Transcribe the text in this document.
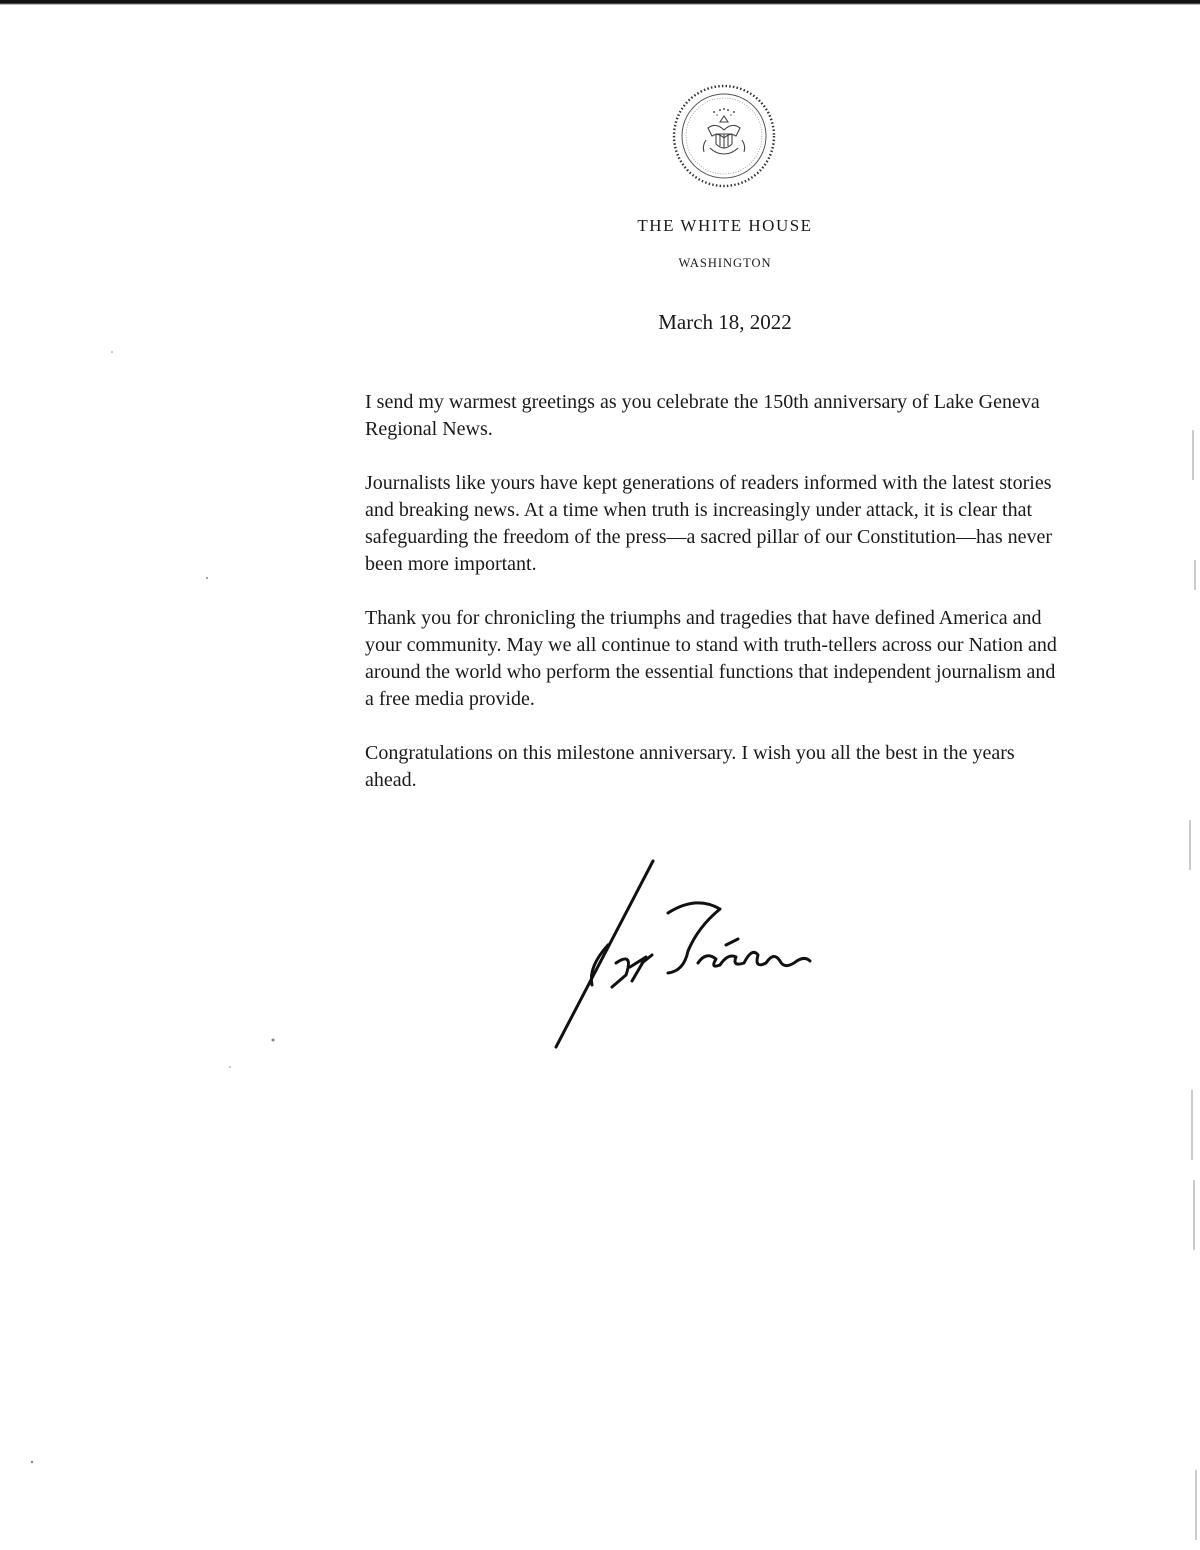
THE WHITE HOUSE
WASHINGTON
March 18, 2022

I send my warmest greetings as you celebrate the 150th anniversary of Lake Geneva Regional News.

Journalists like yours have kept generations of readers informed with the latest stories and breaking news. At a time when truth is increasingly under attack, it is clear that safeguarding the freedom of the press—a sacred pillar of our Constitution—has never been more important.

Thank you for chronicling the triumphs and tragedies that have defined America and your community. May we all continue to stand with truth-tellers across our Nation and around the world who perform the essential functions that independent journalism and a free media provide.

Congratulations on this milestone anniversary. I wish you all the best in the years ahead.
